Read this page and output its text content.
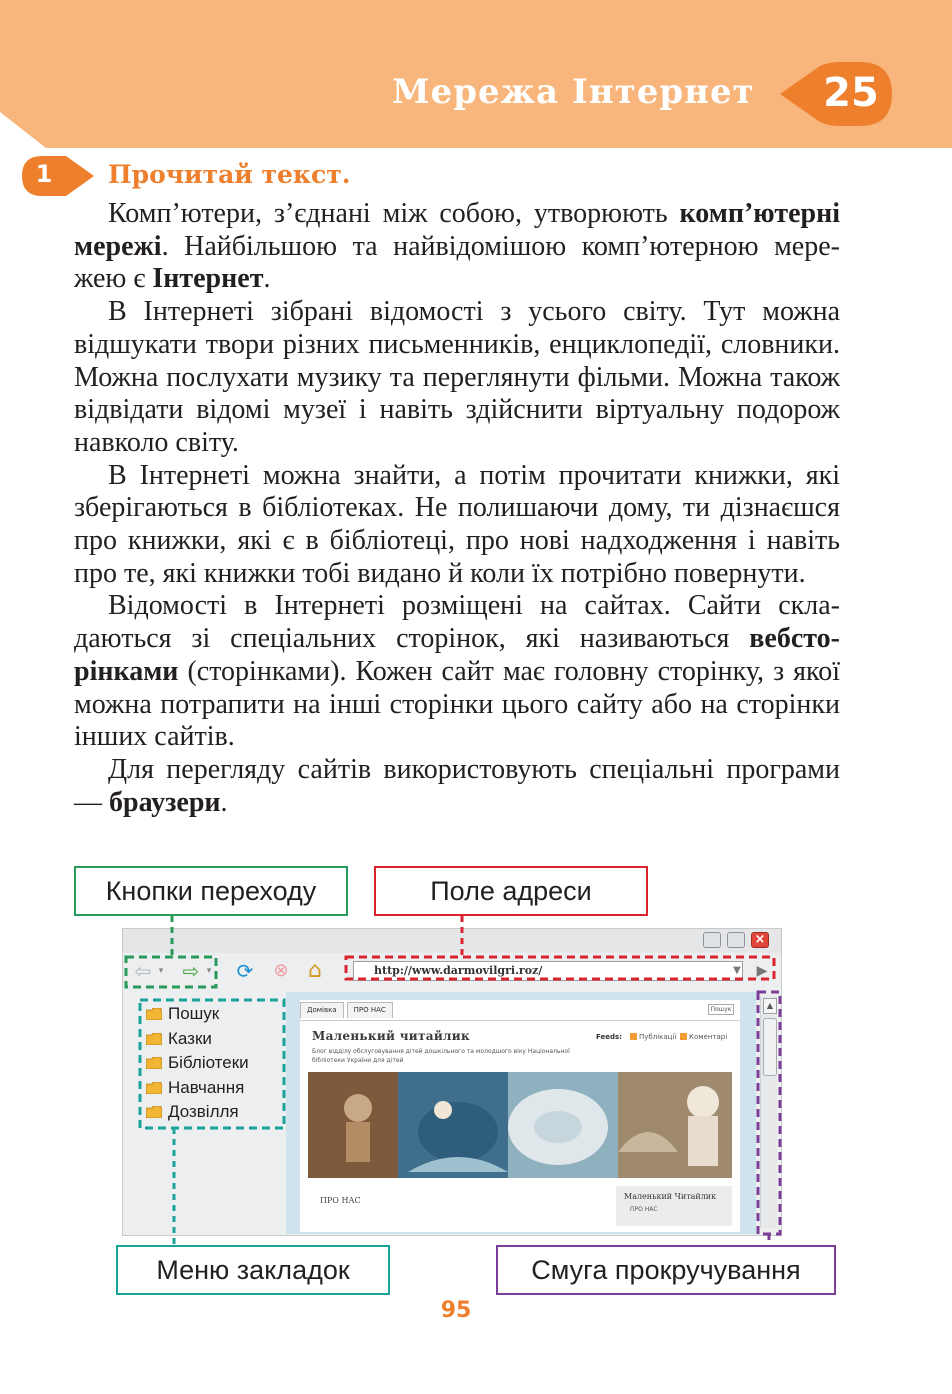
Мережа Інтернет 25
1	Прочитай текст.

Комп’ютери, з’єднані між собою, утворюють комп’ютерні мережі. Найбільшою та найвідомішою комп’ютерною мережею є Інтернет.

В Інтернеті зібрані відомості з усього світу. Тут можна відшукати твори різних письменників, енциклопедії, словники. Можна послухати музику та переглянути фільми. Можна також відвідати відомі музеї і навіть здійснити віртуальну подорож навколо світу.

В Інтернеті можна знайти, а потім прочитати книжки, які зберігаються в бібліотеках. Не полишаючи дому, ти дізнаєшся про книжки, які є в бібліотеці, про нові надходження і навіть про те, які книжки тобі видано й коли їх потрібно повернути.

Відомості в Інтернеті розміщені на сайтах. Сайти складаються зі спеціальних сторінок, які називаються вебсторінками (сторінками). Кожен сайт має головну сторінку, з якої можна потрапити на інші сторінки цього сайту або на сторінки інших сайтів.

Для перегляду сайтів використовують спеціальні програми — браузери.

×
⇦ ▾ ⇨ ▾ ⟳ ⊗ ⌂	http://www.darmovilgri.roz/	▼	▶
Пошук
Казки
Бібліотеки
Навчання
Дозвілля
Домівка	ПРО НАС	Пошук
Маленький читайлик
Блог відділу обслуговування дітей дошкільного та молодшого віку Національної бібліотеки України для дітей
Feeds:	Публікації	Коментарі
ПРО НАС	Маленький Читайлик
ПРО НАС
▲
Кнопки переходу	Поле адреси
Меню закладок	Смуга прокручування
95
